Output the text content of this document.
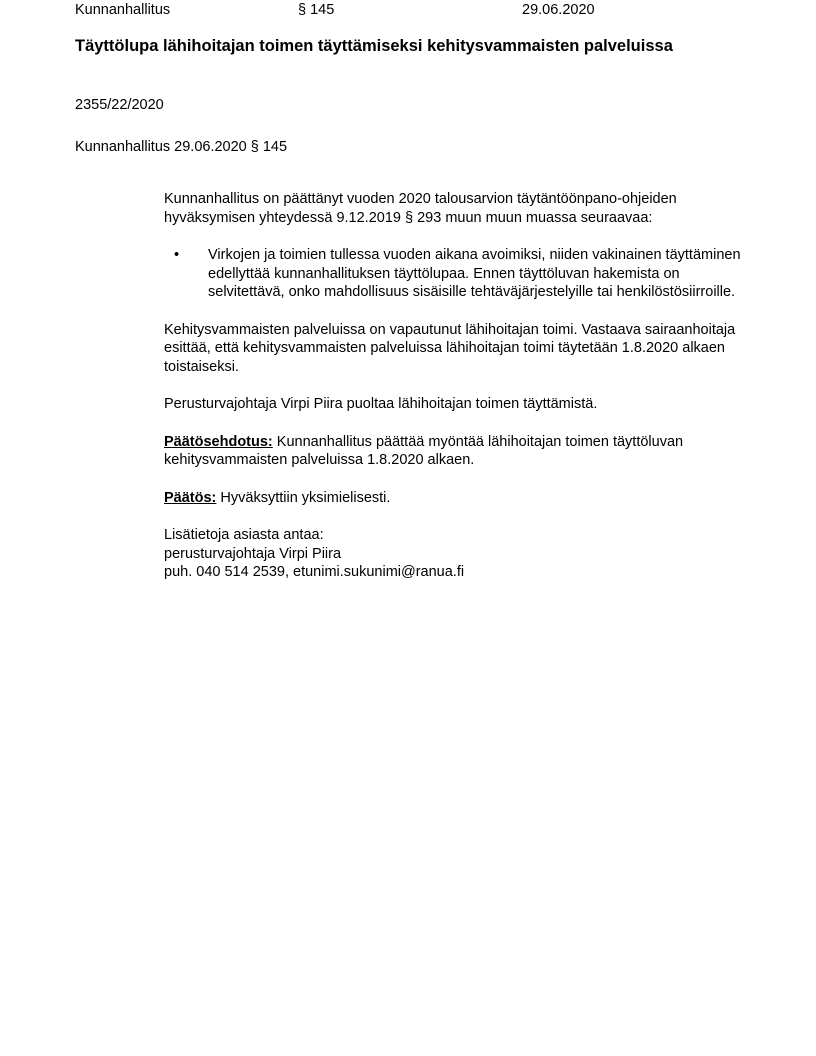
Kunnanhallitus	§ 145	29.06.2020
Täyttölupa lähihoitajan toimen täyttämiseksi kehitysvammaisten palveluissa
2355/22/2020
Kunnanhallitus 29.06.2020 § 145

Kunnanhallitus on päättänyt vuoden 2020 talousarvion täytäntöönpano-ohjeiden hyväksymisen yhteydessä 9.12.2019 § 293 muun muun muassa seuraavaa:

•	Virkojen ja toimien tullessa vuoden aikana avoimiksi, niiden vakinainen täyttäminen edellyttää kunnanhallituksen täyttölupaa. Ennen täyttöluvan hakemista on selvitettävä, onko mahdollisuus sisäisille tehtäväjärjestelyille tai henkilöstösiirroille.

Kehitysvammaisten palveluissa on vapautunut lähihoitajan toimi. Vastaava sairaanhoitaja esittää, että kehitysvammaisten palveluissa lähihoitajan toimi täytetään 1.8.2020 alkaen toistaiseksi.

Perusturvajohtaja Virpi Piira puoltaa lähihoitajan toimen täyttämistä.

Päätösehdotus: Kunnanhallitus päättää myöntää lähihoitajan toimen täyttöluvan kehitysvammaisten palveluissa 1.8.2020 alkaen.

Päätös: Hyväksyttiin yksimielisesti.

Lisätietoja asiasta antaa:
perusturvajohtaja Virpi Piira
puh. 040 514 2539, etunimi.sukunimi@ranua.fi
